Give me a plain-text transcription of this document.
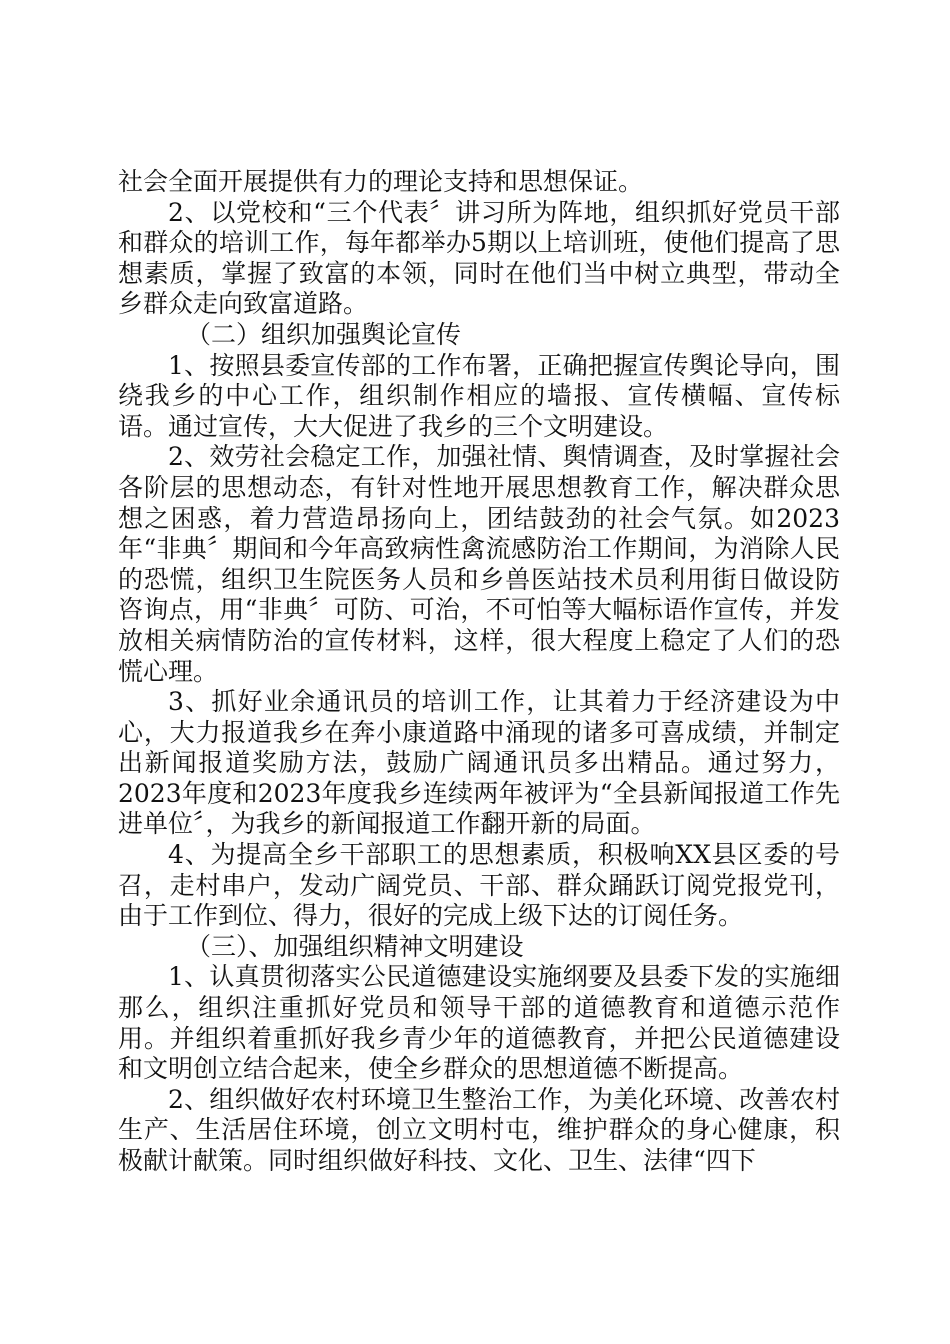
社会全面开展提供有力的理论支持和思想保证。

2、以党校和“三个代表〞讲习所为阵地，组织抓好党员干部和群众的培训工作，每年都举办5期以上培训班，使他们提高了思想素质，掌握了致富的本领，同时在他们当中树立典型，带动全乡群众走向致富道路。

（二）组织加强舆论宣传

1、按照县委宣传部的工作布署，正确把握宣传舆论导向，围绕我乡的中心工作，组织制作相应的墙报、宣传横幅、宣传标语。通过宣传，大大促进了我乡的三个文明建设。

2、效劳社会稳定工作，加强社情、舆情调查，及时掌握社会各阶层的思想动态，有针对性地开展思想教育工作，解决群众思想之困惑，着力营造昂扬向上，团结鼓劲的社会气氛。如2023年“非典〞期间和今年高致病性禽流感防治工作期间，为消除人民的恐慌，组织卫生院医务人员和乡兽医站技术员利用街日做设防咨询点，用“非典〞可防、可治，不可怕等大幅标语作宣传，并发放相关病情防治的宣传材料，这样，很大程度上稳定了人们的恐慌心理。

3、抓好业余通讯员的培训工作，让其着力于经济建设为中心，大力报道我乡在奔小康道路中涌现的诸多可喜成绩，并制定出新闻报道奖励方法，鼓励广阔通讯员多出精品。通过努力，2023年度和2023年度我乡连续两年被评为“全县新闻报道工作先进单位〞，为我乡的新闻报道工作翻开新的局面。

4、为提高全乡干部职工的思想素质，积极响XX县区委的号召，走村串户，发动广阔党员、干部、群众踊跃订阅党报党刊，由于工作到位、得力，很好的完成上级下达的订阅任务。

（三）、加强组织精神文明建设

1、认真贯彻落实公民道德建设实施纲要及县委下发的实施细那么，组织注重抓好党员和领导干部的道德教育和道德示范作用。并组织着重抓好我乡青少年的道德教育，并把公民道德建设和文明创立结合起来，使全乡群众的思想道德不断提高。

2、组织做好农村环境卫生整治工作，为美化环境、改善农村生产、生活居住环境，创立文明村屯，维护群众的身心健康，积极献计献策。同时组织做好科技、文化、卫生、法律“四下
